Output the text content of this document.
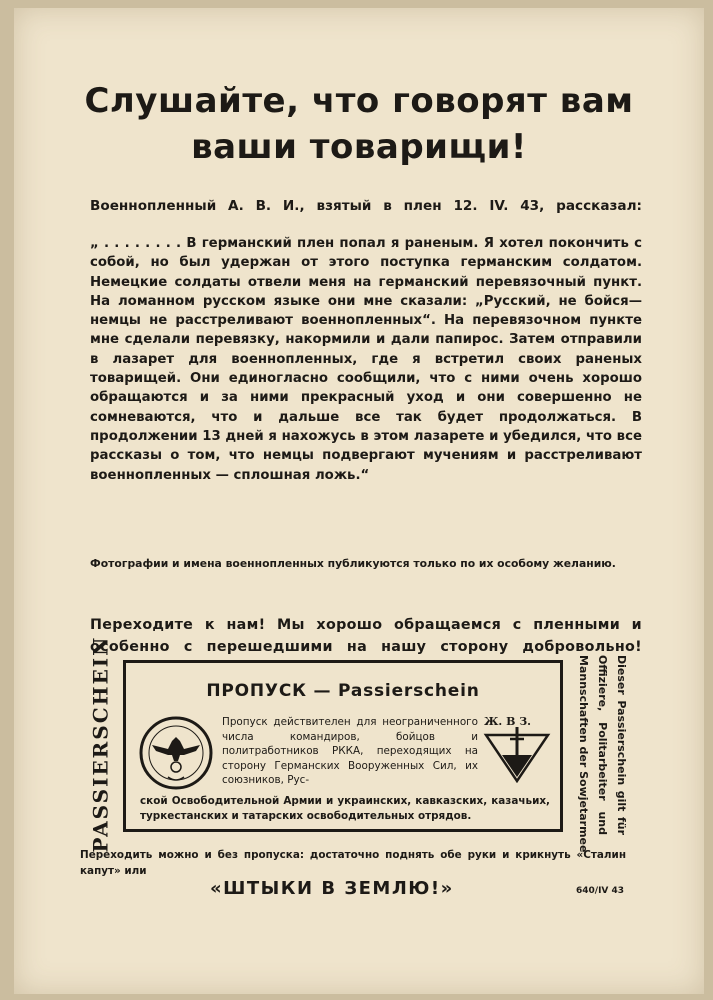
Слушайте, что говорят вам ваши товарищи!

Военнопленный А. В. И., взятый в плен 12. IV. 43, рассказал:

„ . . . . . . . . В германский плен попал я раненым. Я хотел покончить с собой, но был удержан от этого поступка германским солдатом. Немецкие солдаты отвели меня на германский перевязочный пункт. На ломанном русском языке они мне сказали: „Русский, не бойся—немцы не расстреливают военнопленных“. На перевязочном пункте мне сделали перевязку, накормили и дали папирос. Затем отправили в лазарет для военнопленных, где я встретил своих раненых товарищей. Они единогласно сообщили, что с ними очень хорошо обращаются и за ними прекрасный уход и они совершенно не сомневаются, что и дальше все так будет продолжаться. В продолжении 13 дней я нахожусь в этом лазарете и убедился, что все рассказы о том, что немцы подвергают мучениям и расстреливают военнопленных — сплошная ложь.“

Фотографии и имена военнопленных публикуются только по их особому желанию.

Переходите к нам! Мы хорошо обращаемся с пленными и особенно с перешедшими на нашу сторону добровольно!

PASSIERSCHEIN	Dieser Passierschein gilt für
Offiziere, Politarbeiter und
Mannschaften der Sowjetarmee
ПРОПУСК — Passierschein
Ж. В З.

Пропуск действителен для неограниченного числа командиров, бойцов и политработников РККА, переходящих на сторону Германских Вооруженных Сил, их союзников, Рус-

ской Освободительной Армии и украинских, кавказских, казачьих, туркестанских и татарских освободительных отрядов.

Переходить можно и без пропуска: достаточно поднять обе руки и крикнуть «Сталин капут» или

«ШТЫКИ В ЗЕМЛЮ!»	640/IV 43
